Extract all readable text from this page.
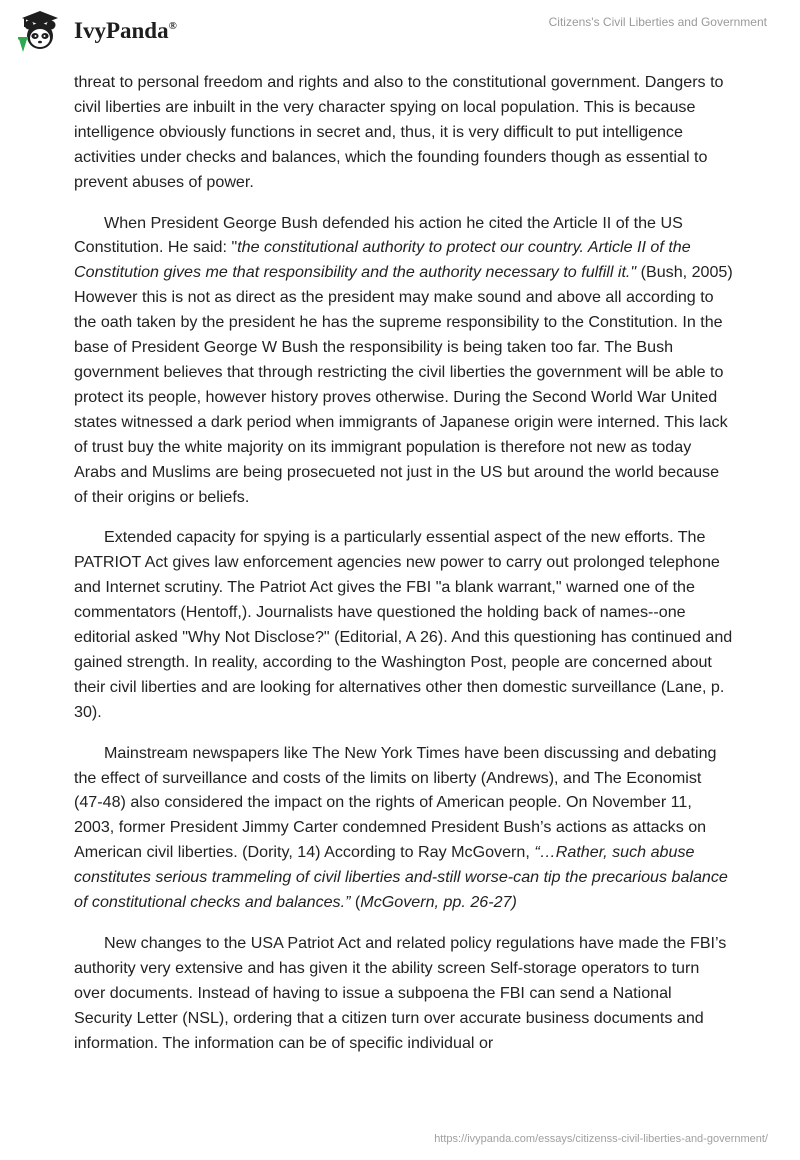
IvyPanda®	Citizens's Civil Liberties and Government

threat to personal freedom and rights and also to the constitutional government. Dangers to civil liberties are inbuilt in the very character spying on local population. This is because intelligence obviously functions in secret and, thus, it is very difficult to put intelligence activities under checks and balances, which the founding founders though as essential to prevent abuses of power.

When President George Bush defended his action he cited the Article II of the US Constitution. He said: "the constitutional authority to protect our country. Article II of the Constitution gives me that responsibility and the authority necessary to fulfill it." (Bush, 2005) However this is not as direct as the president may make sound and above all according to the oath taken by the president he has the supreme responsibility to the Constitution. In the base of President George W Bush the responsibility is being taken too far. The Bush government believes that through restricting the civil liberties the government will be able to protect its people, however history proves otherwise. During the Second World War United states witnessed a dark period when immigrants of Japanese origin were interned. This lack of trust buy the white majority on its immigrant population is therefore not new as today Arabs and Muslims are being prosecueted not just in the US but around the world because of their origins or beliefs.

Extended capacity for spying is a particularly essential aspect of the new efforts. The PATRIOT Act gives law enforcement agencies new power to carry out prolonged telephone and Internet scrutiny. The Patriot Act gives the FBI "a blank warrant," warned one of the commentators (Hentoff,). Journalists have questioned the holding back of names--one editorial asked "Why Not Disclose?" (Editorial, A 26). And this questioning has continued and gained strength. In reality, according to the Washington Post, people are concerned about their civil liberties and are looking for alternatives other then domestic surveillance (Lane, p. 30).

Mainstream newspapers like The New York Times have been discussing and debating the effect of surveillance and costs of the limits on liberty (Andrews), and The Economist (47-48) also considered the impact on the rights of American people. On November 11, 2003, former President Jimmy Carter condemned President Bush’s actions as attacks on American civil liberties. (Dority, 14) According to Ray McGovern, “…Rather, such abuse constitutes serious trammeling of civil liberties and-still worse-can tip the precarious balance of constitutional checks and balances.” (McGovern, pp. 26-27)

New changes to the USA Patriot Act and related policy regulations have made the FBI’s authority very extensive and has given it the ability screen Self-storage operators to turn over documents. Instead of having to issue a subpoena the FBI can send a National Security Letter (NSL), ordering that a citizen turn over accurate business documents and information. The information can be of specific individual or

https://ivypanda.com/essays/citizenss-civil-liberties-and-government/
